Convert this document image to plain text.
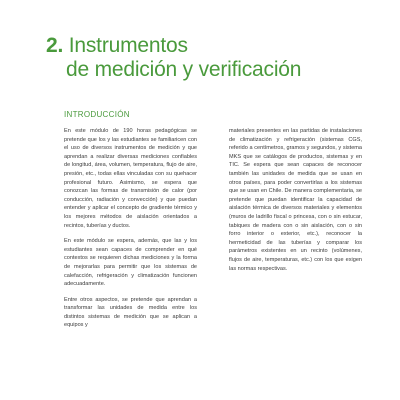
2. Instrumentos
de medición y verificación
INTRODUCCIÓN

En este módulo de 190 horas pedagógicas se pretende que los y las estudiantes se familiaricen con el uso de diversos instrumentos de medición y que aprendan a realizar diversas mediciones confiables de longitud, área, volumen, temperatura, flujo de aire, presión, etc., todas ellas vinculadas con su quehacer profesional futuro. Asimismo, se espera que conozcan las formas de transmisión de calor (por conducción, radiación y convección) y que puedan entender y aplicar el concepto de gradiente térmico y los mejores métodos de aislación orientados a recintos, tuberías y ductos.

En este módulo se espera, además, que las y los estudiantes sean capaces de comprender en qué contextos se requieren dichas mediciones y la forma de mejorarlas para permitir que los sistemas de calefacción, refrigeración y climatización funcionen adecuadamente.

Entre otros aspectos, se pretende que aprendan a transformar las unidades de medida entre los distintos sistemas de medición que se aplican a equipos y

materiales presentes en las partidas de instalaciones de climatización y refrigeración (sistemas CGS, referido a centímetros, gramos y segundos, y sistema MKS que se catálogos de productos, sistemas y en TIC. Se espera que sean capaces de reconocer también las unidades de medida que se usan en otros países, para poder convertirlas a los sistemas que se usan en Chile. De manera complementaria, se pretende que puedan identificar la capacidad de aislación térmica de diversos materiales y elementos (muros de ladrillo fiscal o princesa, con o sin estucar, tabiques de madera con o sin aislación, con o sin forro interior o exterior, etc.), reconocer la hermeticidad de las tuberías y comparar los parámetros existentes en un recinto (volúmenes, flujos de aire, temperaturas, etc.) con los que exigen las normas respectivas.
